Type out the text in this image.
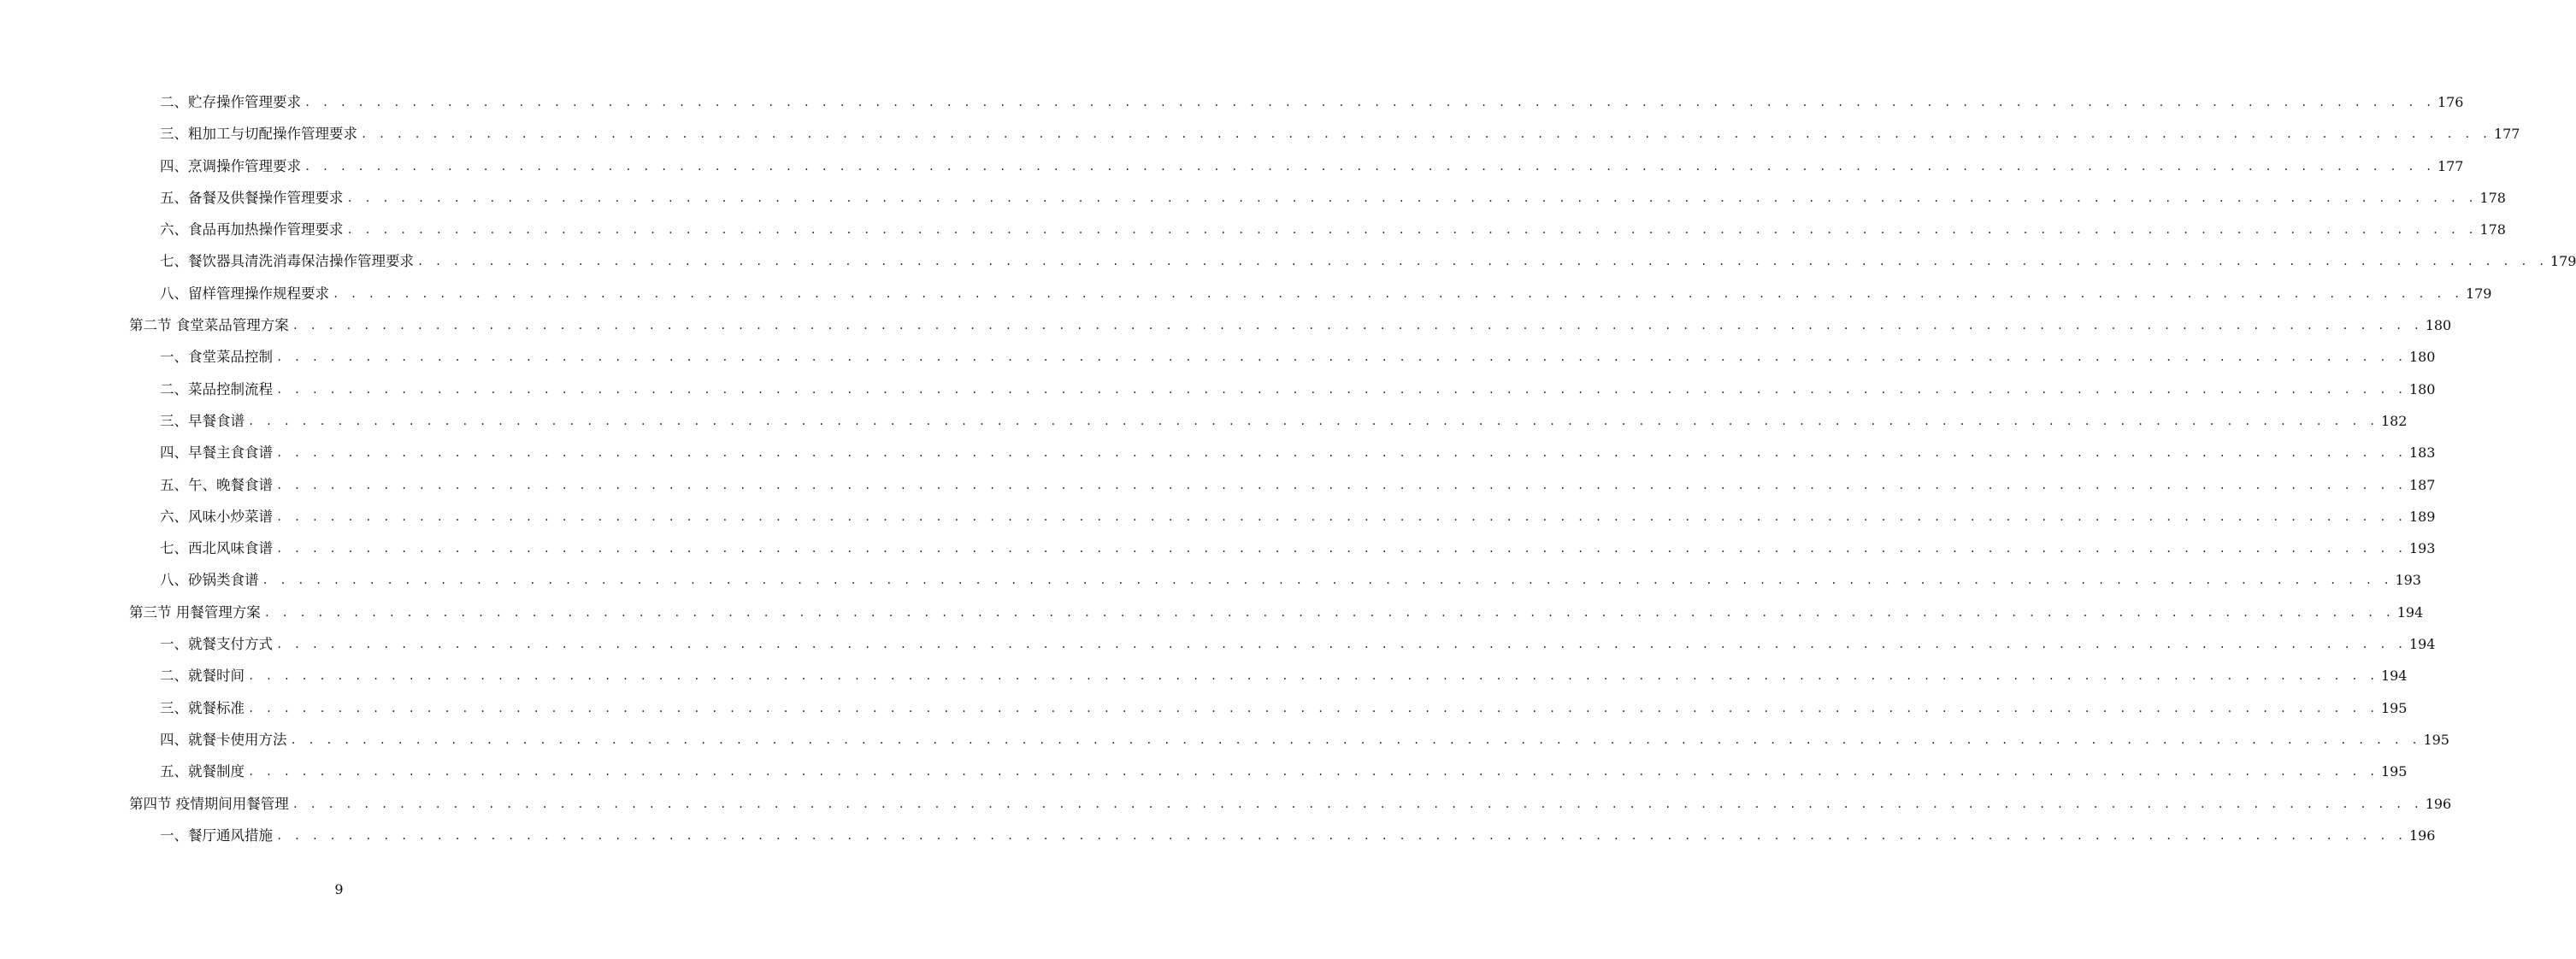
二、贮存操作管理要求 . . . . . . . . . . . . . . . . . . . . . . . . . . . . . . . . . . . . . . . . . . . . . . . . . . . . . . . . . . . . . . . . . . . . . . . . . . . . . . . . . . . . . . . . . . . . . . . . . . . . . . . . . . . . . . . . . . . . . . . . 176
三、粗加工与切配操作管理要求 . . . . . . . . . . . . . . . . . . . . . . . . . . . . . . . . . . . . . . . . . . . . . . . . . . . . . . . . . . . . . . . . . . . . . . . . . . . . . . . . . . . . . . . . . . . . . . . . . . . . . . . . . . . . . . . . . . . . . . . . 177
四、烹调操作管理要求 . . . . . . . . . . . . . . . . . . . . . . . . . . . . . . . . . . . . . . . . . . . . . . . . . . . . . . . . . . . . . . . . . . . . . . . . . . . . . . . . . . . . . . . . . . . . . . . . . . . . . . . . . . . . . . . . . . . . . . . . 177
五、备餐及供餐操作管理要求 . . . . . . . . . . . . . . . . . . . . . . . . . . . . . . . . . . . . . . . . . . . . . . . . . . . . . . . . . . . . . . . . . . . . . . . . . . . . . . . . . . . . . . . . . . . . . . . . . . . . . . . . . . . . . . . . . . . . . . . . 178
六、食品再加热操作管理要求 . . . . . . . . . . . . . . . . . . . . . . . . . . . . . . . . . . . . . . . . . . . . . . . . . . . . . . . . . . . . . . . . . . . . . . . . . . . . . . . . . . . . . . . . . . . . . . . . . . . . . . . . . . . . . . . . . . . . . . . . 178
七、餐饮器具清洗消毒保洁操作管理要求 . . . . . . . . . . . . . . . . . . . . . . . . . . . . . . . . . . . . . . . . . . . . . . . . . . . . . . . . . . . . . . . . . . . . . . . . . . . . . . . . . . . . . . . . . . . . . . . . . . . . . . . . . . . . . . . . . . . . . . . . 179
八、留样管理操作规程要求 . . . . . . . . . . . . . . . . . . . . . . . . . . . . . . . . . . . . . . . . . . . . . . . . . . . . . . . . . . . . . . . . . . . . . . . . . . . . . . . . . . . . . . . . . . . . . . . . . . . . . . . . . . . . . . . . . . . . . . . . 179
第二节 食堂菜品管理方案 . . . . . . . . . . . . . . . . . . . . . . . . . . . . . . . . . . . . . . . . . . . . . . . . . . . . . . . . . . . . . . . . . . . . . . . . . . . . . . . . . . . . . . . . . . . . . . . . . . . . . . . . . . . . . . . . . . . . . . . . 180
一、食堂菜品控制 . . . . . . . . . . . . . . . . . . . . . . . . . . . . . . . . . . . . . . . . . . . . . . . . . . . . . . . . . . . . . . . . . . . . . . . . . . . . . . . . . . . . . . . . . . . . . . . . . . . . . . . . . . . . . . . . . . . . . . . . 180
二、菜品控制流程 . . . . . . . . . . . . . . . . . . . . . . . . . . . . . . . . . . . . . . . . . . . . . . . . . . . . . . . . . . . . . . . . . . . . . . . . . . . . . . . . . . . . . . . . . . . . . . . . . . . . . . . . . . . . . . . . . . . . . . . . 180
三、早餐食谱 . . . . . . . . . . . . . . . . . . . . . . . . . . . . . . . . . . . . . . . . . . . . . . . . . . . . . . . . . . . . . . . . . . . . . . . . . . . . . . . . . . . . . . . . . . . . . . . . . . . . . . . . . . . . . . . . . . . . . . . . 182
四、早餐主食食谱 . . . . . . . . . . . . . . . . . . . . . . . . . . . . . . . . . . . . . . . . . . . . . . . . . . . . . . . . . . . . . . . . . . . . . . . . . . . . . . . . . . . . . . . . . . . . . . . . . . . . . . . . . . . . . . . . . . . . . . . . 183
五、午、晚餐食谱 . . . . . . . . . . . . . . . . . . . . . . . . . . . . . . . . . . . . . . . . . . . . . . . . . . . . . . . . . . . . . . . . . . . . . . . . . . . . . . . . . . . . . . . . . . . . . . . . . . . . . . . . . . . . . . . . . . . . . . . . 187
六、风味小炒菜谱 . . . . . . . . . . . . . . . . . . . . . . . . . . . . . . . . . . . . . . . . . . . . . . . . . . . . . . . . . . . . . . . . . . . . . . . . . . . . . . . . . . . . . . . . . . . . . . . . . . . . . . . . . . . . . . . . . . . . . . . . 189
七、西北风味食谱 . . . . . . . . . . . . . . . . . . . . . . . . . . . . . . . . . . . . . . . . . . . . . . . . . . . . . . . . . . . . . . . . . . . . . . . . . . . . . . . . . . . . . . . . . . . . . . . . . . . . . . . . . . . . . . . . . . . . . . . . 193
八、砂锅类食谱 . . . . . . . . . . . . . . . . . . . . . . . . . . . . . . . . . . . . . . . . . . . . . . . . . . . . . . . . . . . . . . . . . . . . . . . . . . . . . . . . . . . . . . . . . . . . . . . . . . . . . . . . . . . . . . . . . . . . . . . . 193
第三节 用餐管理方案 . . . . . . . . . . . . . . . . . . . . . . . . . . . . . . . . . . . . . . . . . . . . . . . . . . . . . . . . . . . . . . . . . . . . . . . . . . . . . . . . . . . . . . . . . . . . . . . . . . . . . . . . . . . . . . . . . . . . . . . . 194
一、就餐支付方式 . . . . . . . . . . . . . . . . . . . . . . . . . . . . . . . . . . . . . . . . . . . . . . . . . . . . . . . . . . . . . . . . . . . . . . . . . . . . . . . . . . . . . . . . . . . . . . . . . . . . . . . . . . . . . . . . . . . . . . . . 194
二、就餐时间 . . . . . . . . . . . . . . . . . . . . . . . . . . . . . . . . . . . . . . . . . . . . . . . . . . . . . . . . . . . . . . . . . . . . . . . . . . . . . . . . . . . . . . . . . . . . . . . . . . . . . . . . . . . . . . . . . . . . . . . . 194
三、就餐标准 . . . . . . . . . . . . . . . . . . . . . . . . . . . . . . . . . . . . . . . . . . . . . . . . . . . . . . . . . . . . . . . . . . . . . . . . . . . . . . . . . . . . . . . . . . . . . . . . . . . . . . . . . . . . . . . . . . . . . . . . 195
四、就餐卡使用方法 . . . . . . . . . . . . . . . . . . . . . . . . . . . . . . . . . . . . . . . . . . . . . . . . . . . . . . . . . . . . . . . . . . . . . . . . . . . . . . . . . . . . . . . . . . . . . . . . . . . . . . . . . . . . . . . . . . . . . . . . 195
五、就餐制度 . . . . . . . . . . . . . . . . . . . . . . . . . . . . . . . . . . . . . . . . . . . . . . . . . . . . . . . . . . . . . . . . . . . . . . . . . . . . . . . . . . . . . . . . . . . . . . . . . . . . . . . . . . . . . . . . . . . . . . . . 195
第四节 疫情期间用餐管理 . . . . . . . . . . . . . . . . . . . . . . . . . . . . . . . . . . . . . . . . . . . . . . . . . . . . . . . . . . . . . . . . . . . . . . . . . . . . . . . . . . . . . . . . . . . . . . . . . . . . . . . . . . . . . . . . . . . . . . . . 196
一、餐厅通风措施 . . . . . . . . . . . . . . . . . . . . . . . . . . . . . . . . . . . . . . . . . . . . . . . . . . . . . . . . . . . . . . . . . . . . . . . . . . . . . . . . . . . . . . . . . . . . . . . . . . . . . . . . . . . . . . . . . . . . . . . . 196
9
